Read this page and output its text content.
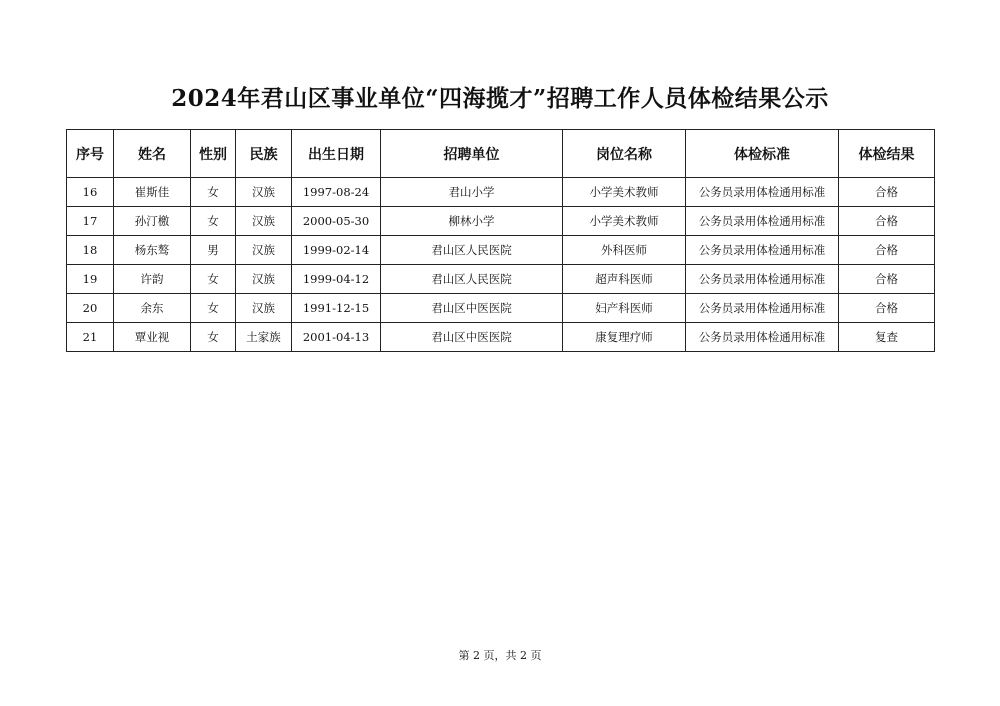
2024年君山区事业单位“四海揽才”招聘工作人员体检结果公示
序号	姓名	性别	民族	出生日期	招聘单位	岗位名称	体检标准	体检结果
16	崔斯佳	女	汉族	1997-08-24	君山小学	小学美术教师	公务员录用体检通用标准	合格
17	孙汀檄	女	汉族	2000-05-30	柳林小学	小学美术教师	公务员录用体检通用标准	合格
18	杨东骜	男	汉族	1999-02-14	君山区人民医院	外科医师	公务员录用体检通用标准	合格
19	许韵	女	汉族	1999-04-12	君山区人民医院	超声科医师	公务员录用体检通用标准	合格
20	余东	女	汉族	1991-12-15	君山区中医医院	妇产科医师	公务员录用体检通用标准	合格
21	覃业视	女	土家族	2001-04-13	君山区中医医院	康复理疗师	公务员录用体检通用标准	复查
第 2 页，共 2 页
